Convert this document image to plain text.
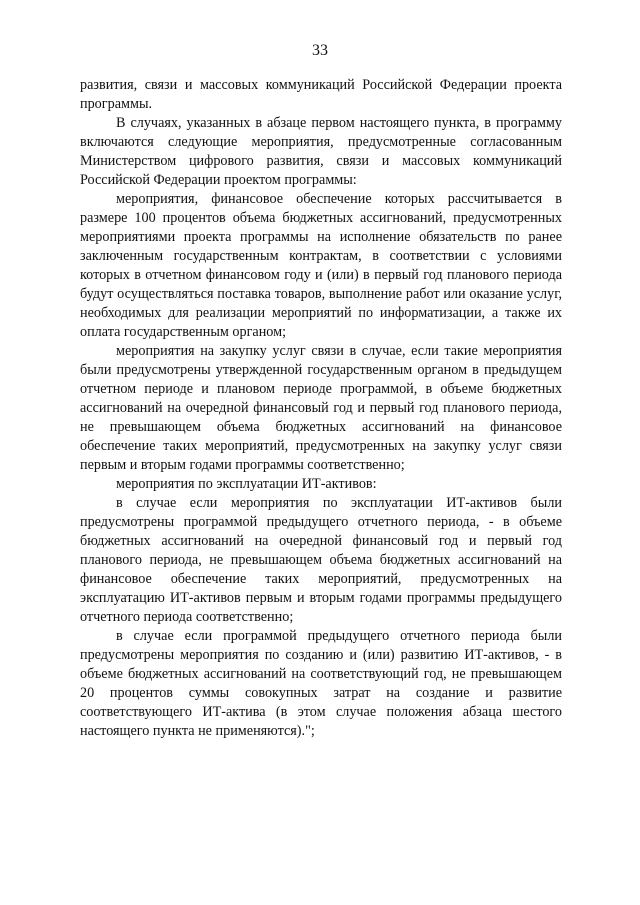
33

развития, связи и массовых коммуникаций Российской Федерации проекта программы.

В случаях, указанных в абзаце первом настоящего пункта, в программу включаются следующие мероприятия, предусмотренные согласованным Министерством цифрового развития, связи и массовых коммуникаций Российской Федерации проектом программы:

мероприятия, финансовое обеспечение которых рассчитывается в размере 100 процентов объема бюджетных ассигнований, предусмотренных мероприятиями проекта программы на исполнение обязательств по ранее заключенным государственным контрактам, в соответствии с условиями которых в отчетном финансовом году и (или) в первый год планового периода будут осуществляться поставка товаров, выполнение работ или оказание услуг, необходимых для реализации мероприятий по информатизации, а также их оплата государственным органом;

мероприятия на закупку услуг связи в случае, если такие мероприятия были предусмотрены утвержденной государственным органом в предыдущем отчетном периоде и плановом периоде программой, в объеме бюджетных ассигнований на очередной финансовый год и первый год планового периода, не превышающем объема бюджетных ассигнований на финансовое обеспечение таких мероприятий, предусмотренных на закупку услуг связи первым и вторым годами программы соответственно;

мероприятия по эксплуатации ИТ-активов:

в случае если мероприятия по эксплуатации ИТ-активов были предусмотрены программой предыдущего отчетного периода, - в объеме бюджетных ассигнований на очередной финансовый год и первый год планового периода, не превышающем объема бюджетных ассигнований на финансовое обеспечение таких мероприятий, предусмотренных на эксплуатацию ИТ-активов первым и вторым годами программы предыдущего отчетного периода соответственно;

в случае если программой предыдущего отчетного периода были предусмотрены мероприятия по созданию и (или) развитию ИТ-активов, - в объеме бюджетных ассигнований на соответствующий год, не превышающем 20 процентов суммы совокупных затрат на создание и развитие соответствующего ИТ-актива (в этом случае положения абзаца шестого настоящего пункта не применяются).";
